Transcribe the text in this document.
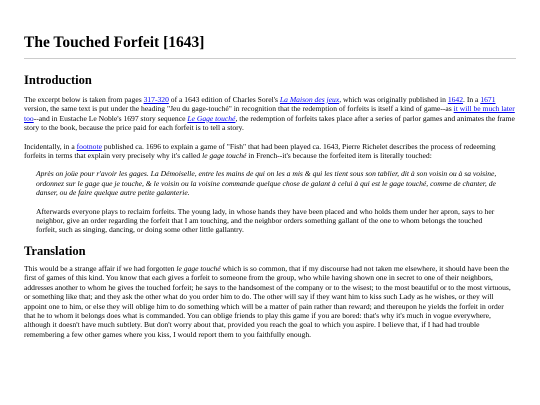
The Touched Forfeit [1643]
Introduction

The excerpt below is taken from pages 317-320 of a 1643 edition of Charles Sorel's La Maison des jeux, which was originally published in 1642. In a 1671 version, the same text is put under the heading "Jeu du gage-touché" in recognition that the redemption of forfeits is itself a kind of game--as it will be much later too--and in Eustache Le Noble's 1697 story sequence Le Gage touché, the redemption of forfeits takes place after a series of parlor games and animates the frame story to the book, because the price paid for each forfeit is to tell a story.

Incidentally, in a footnote published ca. 1696 to explain a game of "Fish" that had been played ca. 1643, Pierre Richelet describes the process of redeeming forfeits in terms that explain very precisely why it's called le gage touché in French--it's because the forfeited item is literally touched:

Après on joüe pour r'avoir les gages. La Démoiselle, entre les mains de qui on les a mis & qui les tient sous son tablier, dit à son voisin ou à sa voisine, ordonnez sur le gage que je touche, & le voisin ou la voisine commande quelque chose de galant à celui à qui est le gage touché, comme de chanter, de danser, ou de faire quelque autre petite galanterie.

Afterwards everyone plays to reclaim forfeits. The young lady, in whose hands they have been placed and who holds them under her apron, says to her neighbor, give an order regarding the forfeit that I am touching, and the neighbor orders something gallant of the one to whom belongs the touched forfeit, such as singing, dancing, or doing some other little gallantry.

Translation

This would be a strange affair if we had forgotten le gage touché which is so common, that if my discourse had not taken me elsewhere, it should have been the first of games of this kind. You know that each gives a forfeit to someone from the group, who while having shown one in secret to one of their neighbors, addresses another to whom he gives the touched forfeit; he says to the handsomest of the company or to the wisest; to the most beautiful or to the most virtuous, or something like that; and they ask the other what do you order him to do. The other will say if they want him to kiss such Lady as he wishes, or they will appoint one to him, or else they will oblige him to do something which will be a matter of pain rather than reward; and thereupon he yields the forfeit in order that he to whom it belongs does what is commanded. You can oblige friends to play this game if you are bored: that's why it's much in vogue everywhere, although it doesn't have much subtlety. But don't worry about that, provided you reach the goal to which you aspire. I believe that, if I had had trouble remembering a few other games where you kiss, I would report them to you faithfully enough.
